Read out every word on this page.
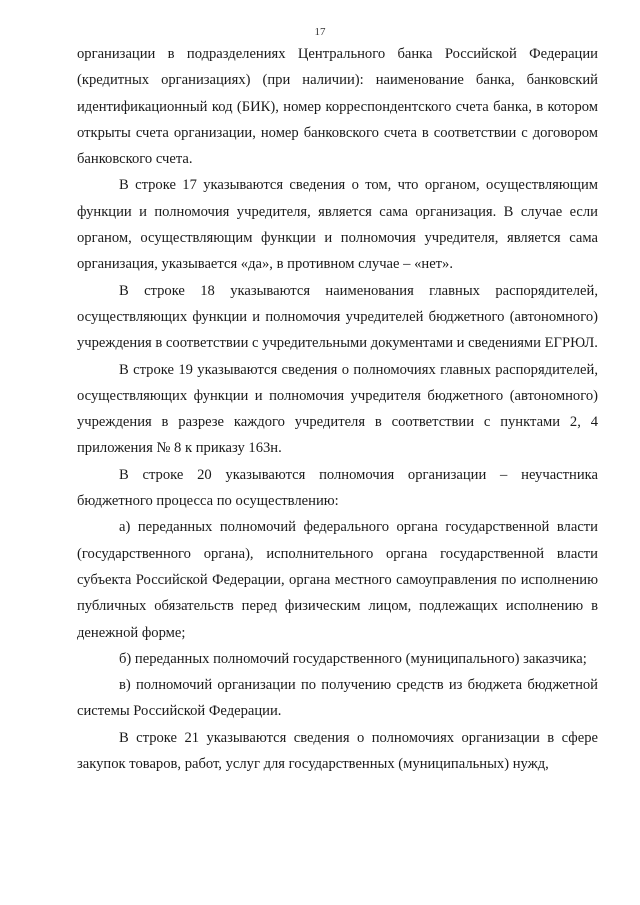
17

организации в подразделениях Центрального банка Российской Федерации (кредитных организациях) (при наличии): наименование банка, банковский идентификационный код (БИК), номер корреспондентского счета банка, в котором открыты счета организации, номер банковского счета в соответствии с договором банковского счета.

В строке 17 указываются сведения о том, что органом, осуществляющим функции и полномочия учредителя, является сама организация. В случае если органом, осуществляющим функции и полномочия учредителя, является сама организация, указывается «да», в противном случае – «нет».

В строке 18 указываются наименования главных распорядителей, осуществляющих функции и полномочия учредителей бюджетного (автономного) учреждения в соответствии с учредительными документами и сведениями ЕГРЮЛ.

В строке 19 указываются сведения о полномочиях главных распорядителей, осуществляющих функции и полномочия учредителя бюджетного (автономного) учреждения в разрезе каждого учредителя в соответствии с пунктами 2, 4 приложения № 8 к приказу 163н.

В строке 20 указываются полномочия организации – неучастника бюджетного процесса по осуществлению:

а) переданных полномочий федерального органа государственной власти (государственного органа), исполнительного органа государственной власти субъекта Российской Федерации, органа местного самоуправления по исполнению публичных обязательств перед физическим лицом, подлежащих исполнению в денежной форме;

б) переданных полномочий государственного (муниципального) заказчика;

в) полномочий организации по получению средств из бюджета бюджетной системы Российской Федерации.

В строке 21 указываются сведения о полномочиях организации в сфере закупок товаров, работ, услуг для государственных (муниципальных) нужд,
